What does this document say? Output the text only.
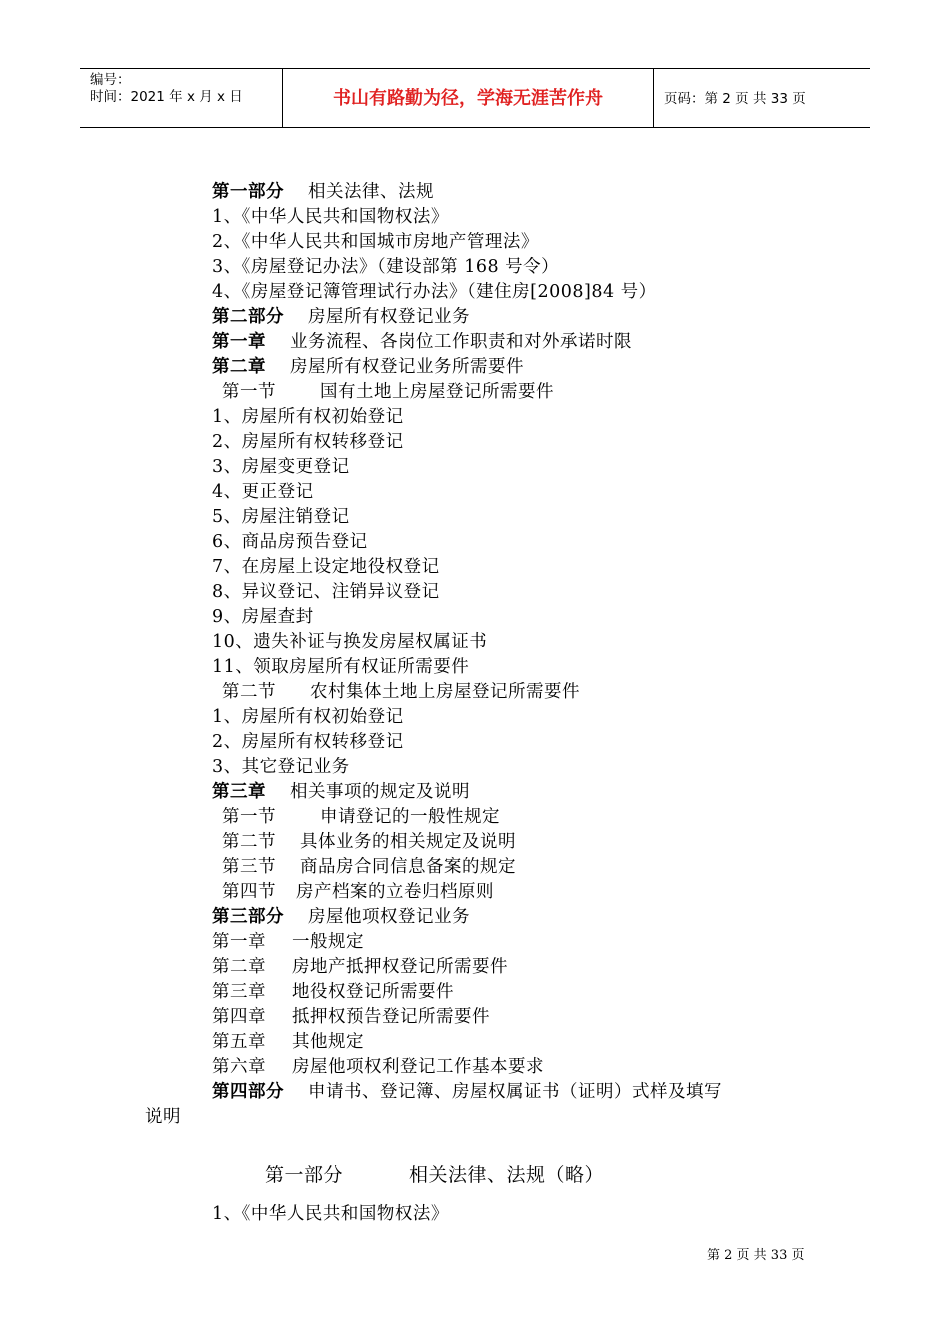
编号：
时间：2021 年 x 月 x 日	书山有路勤为径，学海无涯苦作舟	页码：第 2 页 共 33 页
第一部分 相关法律、法规
1、《中华人民共和国物权法》
2、《中华人民共和国城市房地产管理法》
3、《房屋登记办法》（建设部第 168 号令）
4、《房屋登记簿管理试行办法》（建住房[2008]84 号）
第二部分 房屋所有权登记业务
第一章 业务流程、各岗位工作职责和对外承诺时限
第二章 房屋所有权登记业务所需要件
第一节	国有土地上房屋登记所需要件
1、房屋所有权初始登记
2、房屋所有权转移登记
3、房屋变更登记
4、更正登记
5、房屋注销登记
6、商品房预告登记
7、在房屋上设定地役权登记
8、异议登记、注销异议登记
9、房屋查封
10、遗失补证与换发房屋权属证书
11、领取房屋所有权证所需要件
第二节 农村集体土地上房屋登记所需要件
1、房屋所有权初始登记
2、房屋所有权转移登记
3、其它登记业务
第三章 相关事项的规定及说明
第一节	申请登记的一般性规定
第二节 具体业务的相关规定及说明
第三节 商品房合同信息备案的规定
第四节 房产档案的立卷归档原则
第三部分 房屋他项权登记业务
第一章 一般规定
第二章 房地产抵押权登记所需要件
第三章 地役权登记所需要件
第四章 抵押权预告登记所需要件
第五章 其他规定
第六章 房屋他项权利登记工作基本要求
第四部分 申请书、登记簿、房屋权属证书（证明）式样及填写
说明
第一部分	相关法律、法规（略）
1、《中华人民共和国物权法》
第 2 页 共 33 页
